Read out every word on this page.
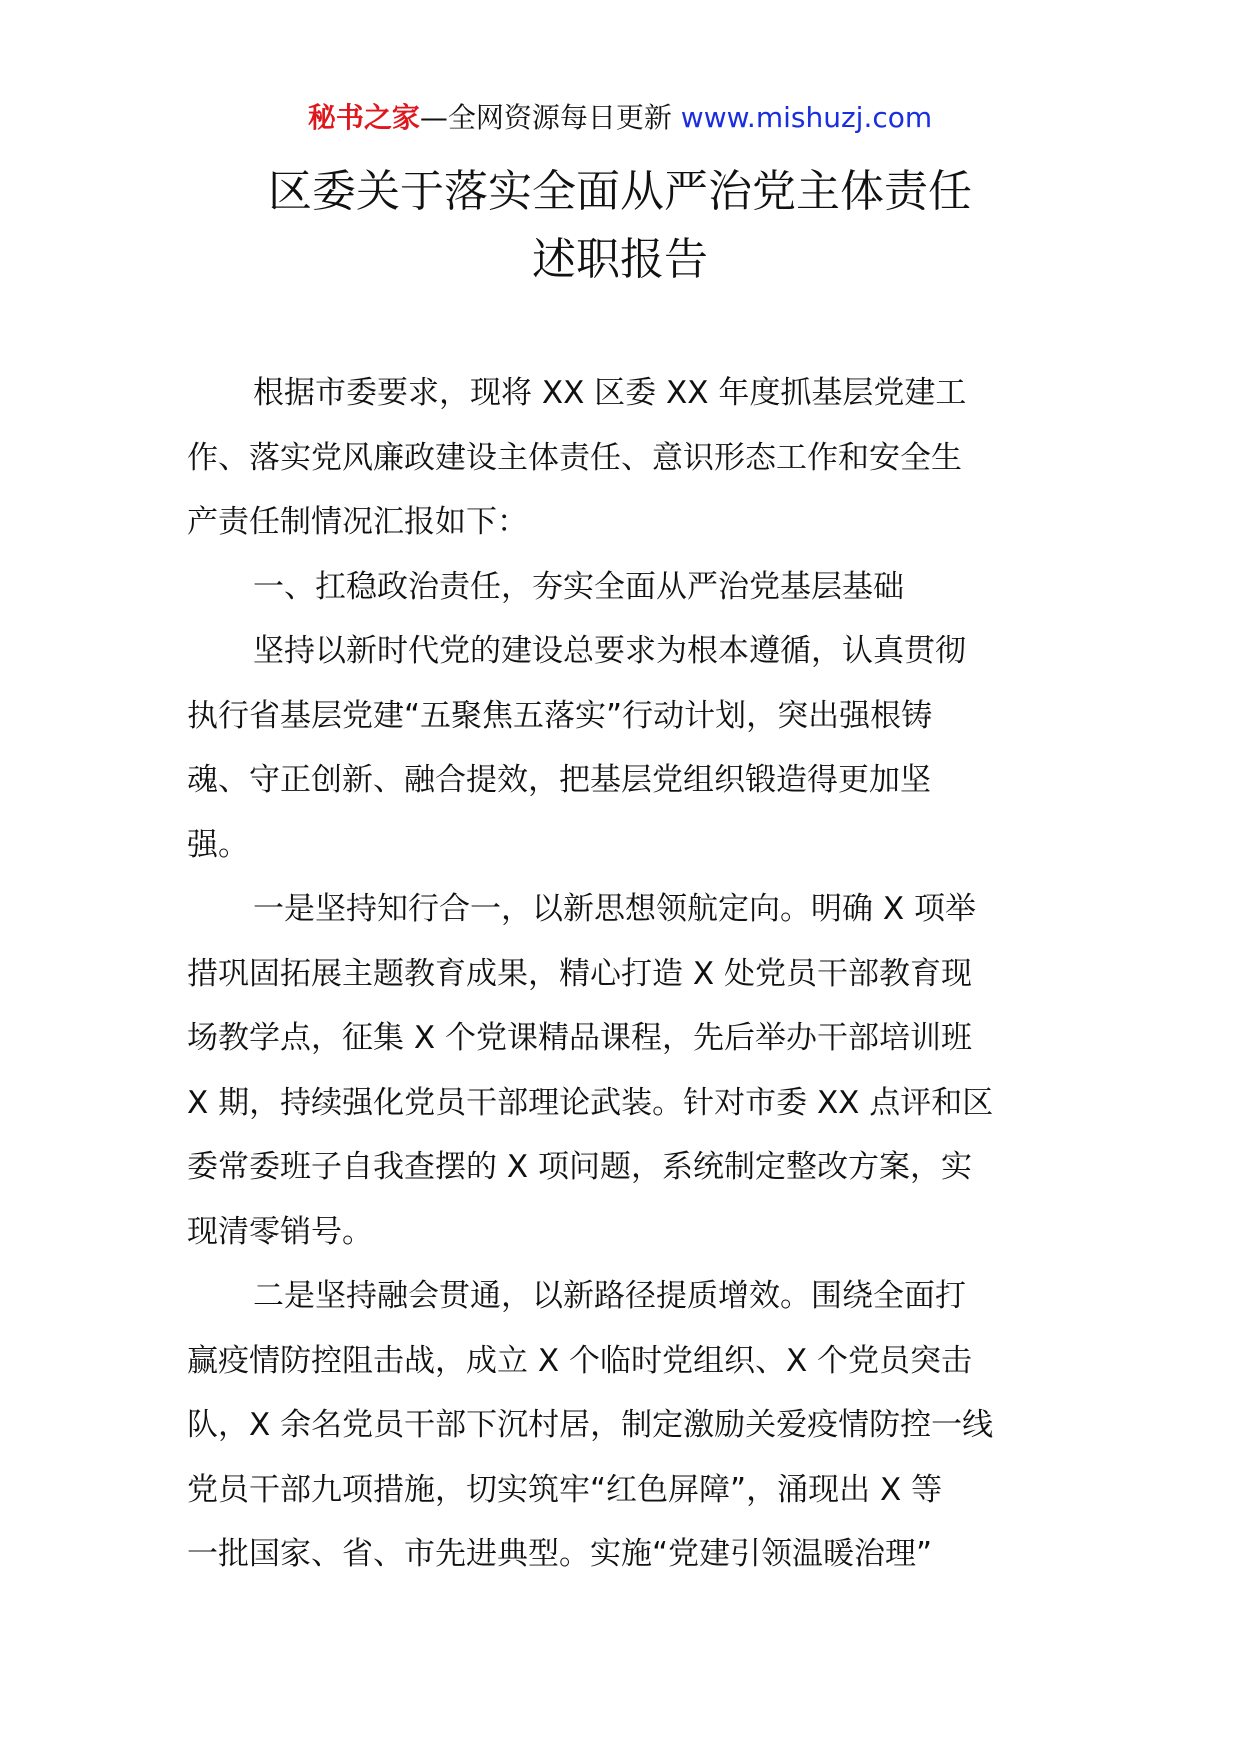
秘书之家—全网资源每日更新 www.mishuzj.com
区委关于落实全面从严治党主体责任
述职报告
根据市委要求，现将 XX 区委 XX 年度抓基层党建工
作、落实党风廉政建设主体责任、意识形态工作和安全生
产责任制情况汇报如下：
一、扛稳政治责任，夯实全面从严治党基层基础
坚持以新时代党的建设总要求为根本遵循，认真贯彻
执行省基层党建“五聚焦五落实”行动计划，突出强根铸
魂、守正创新、融合提效，把基层党组织锻造得更加坚
强。
一是坚持知行合一，以新思想领航定向。明确 X 项举
措巩固拓展主题教育成果，精心打造 X 处党员干部教育现
场教学点，征集 X 个党课精品课程，先后举办干部培训班
X 期，持续强化党员干部理论武装。针对市委 XX 点评和区
委常委班子自我查摆的 X 项问题，系统制定整改方案，实
现清零销号。
二是坚持融会贯通，以新路径提质增效。围绕全面打
赢疫情防控阻击战，成立 X 个临时党组织、X 个党员突击
队，X 余名党员干部下沉村居，制定激励关爱疫情防控一线
党员干部九项措施，切实筑牢“红色屏障”，涌现出 X 等
一批国家、省、市先进典型。实施“党建引领温暖治理”
